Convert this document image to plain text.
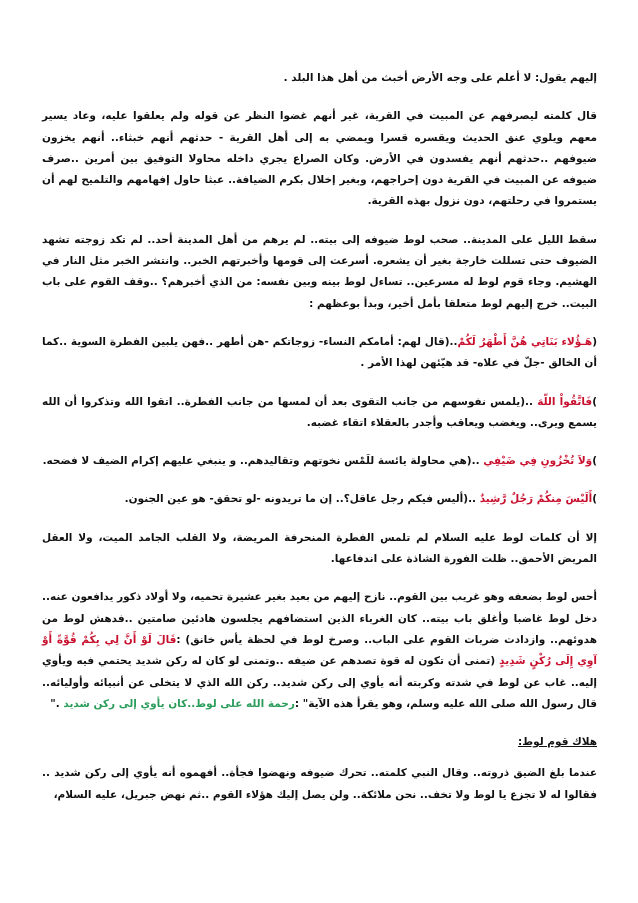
إليهم يقول: لا أعلم على وجه الأرض أخبث من أهل هذا البلد .

قال كلمته ليصرفهم عن المبيت في القرية، غير أنهم غضوا النظر عن قوله ولم يعلقوا عليه، وعاد يسير معهم ويلوي عنق الحديث ويقسره قسرا ويمضي به إلى أهل القرية - حدثهم أنهم خبثاء.. أنهم يخزون ضيوفهم ..حدثهم أنهم يفسدون في الأرض. وكان الصراع يجري داخله محاولا التوفيق بين أمرين ..صرف ضيوفه عن المبيت في القرية دون إحراجهم، وبغير إخلال بكرم الضيافة.. عبثا حاول إفهامهم والتلميح لهم أن يستمروا في رحلتهم، دون نزول بهذه القرية.

سقط الليل على المدينة.. صحب لوط ضيوفه إلى بيته.. لم يرهم من أهل المدينة أحد.. لم تكد زوجته تشهد الضيوف حتى تسللت خارجة بغير أن يشعره. أسرعت إلى قومها وأخبرتهم الخبر.. وانتشر الخبر مثل النار في الهشيم. وجاء قوم لوط له مسرعين.. تساءل لوط بينه وبين نفسه: من الذي أخبرهم؟ ..وقف القوم على باب البيت.. خرج إليهم لوط متعلقا بأمل أخير، وبدأ بوعظهم :

(هَـؤُلاء بَنَاتِي هُنَّ أَطْهَرُ لَكُمْ..(قال لهم: أمامكم النساء- زوجاتكم -هن أطهر ..فهن يلبين الفطرة السوية ..كما أن الخالق -جلّ في علاه- قد هيّئهن لهذا الأمر .

)فَاتَّقُواْ اللّهَ ..(يلمس نفوسهم من جانب التقوى بعد أن لمسها من جانب الفطرة.. اتقوا الله وتذكروا أن الله يسمع ويرى.. ويغضب ويعاقب وأجدر بالعقلاء اتقاء غضبه.

)وَلاَ تُخْزُونِ فِي ضَيْفِي ..(هي محاولة يائسة للَمْس نخوتهم وتقاليدهم.. و ينبغي عليهم إكرام الضيف لا فضحه.

)أَلَيْسَ مِنكُمْ رَجُلٌ رَّشِيدٌ ..(أليس فيكم رجل عاقل؟.. إن ما تريدونه -لو تحقق- هو عين الجنون.

إلا أن كلمات لوط عليه السلام لم تلمس الفطرة المنحرفة المريضة، ولا القلب الجامد الميت، ولا العقل المريض الأحمق.. ظلت الفورة الشاذة على اندفاعها.

أحس لوط بضعفه وهو غريب بين القوم.. نازح إليهم من بعيد بغير عشيرة تحميه، ولا أولاد ذكور يدافعون عنه.. دخل لوط غاضبا وأغلق باب بيته.. كان الغرباء الذين استضافهم يجلسون هادئين صامتين ..فدهش لوط من هدوئهم.. وازدادت ضربات القوم على الباب.. وصرخ لوط في لحظة يأس خانق) :قَالَ لَوْ أَنَّ لِي بِكُمْ قُوَّةً أَوْ آوِي إِلَى رُكْنٍ شَدِيدٍ (تمنى أن تكون له قوة تصدهم عن ضيفه ..وتمنى لو كان له ركن شديد يحتمي فيه ويأوي إليه.. غاب عن لوط في شدته وكربته أنه يأوي إلى ركن شديد.. ركن الله الذي لا يتخلى عن أنبيائه وأوليائه.. قال رسول الله صلى الله عليه وسلم، وهو يقرأ هذه الآية" :رحمة الله على لوط..كان يأوي إلى ركن شديد ."

هلاك قوم لوط:

عندما بلغ الضيق ذروته.. وقال النبي كلمته.. تحرك ضيوفه ونهضوا فجأة.. أفهموه أنه يأوي إلى ركن شديد .. فقالوا له لا تجزع يا لوط ولا تخف.. نحن ملائكة.. ولن يصل إليك هؤلاء القوم ..ثم نهض جبريل، عليه السلام،
